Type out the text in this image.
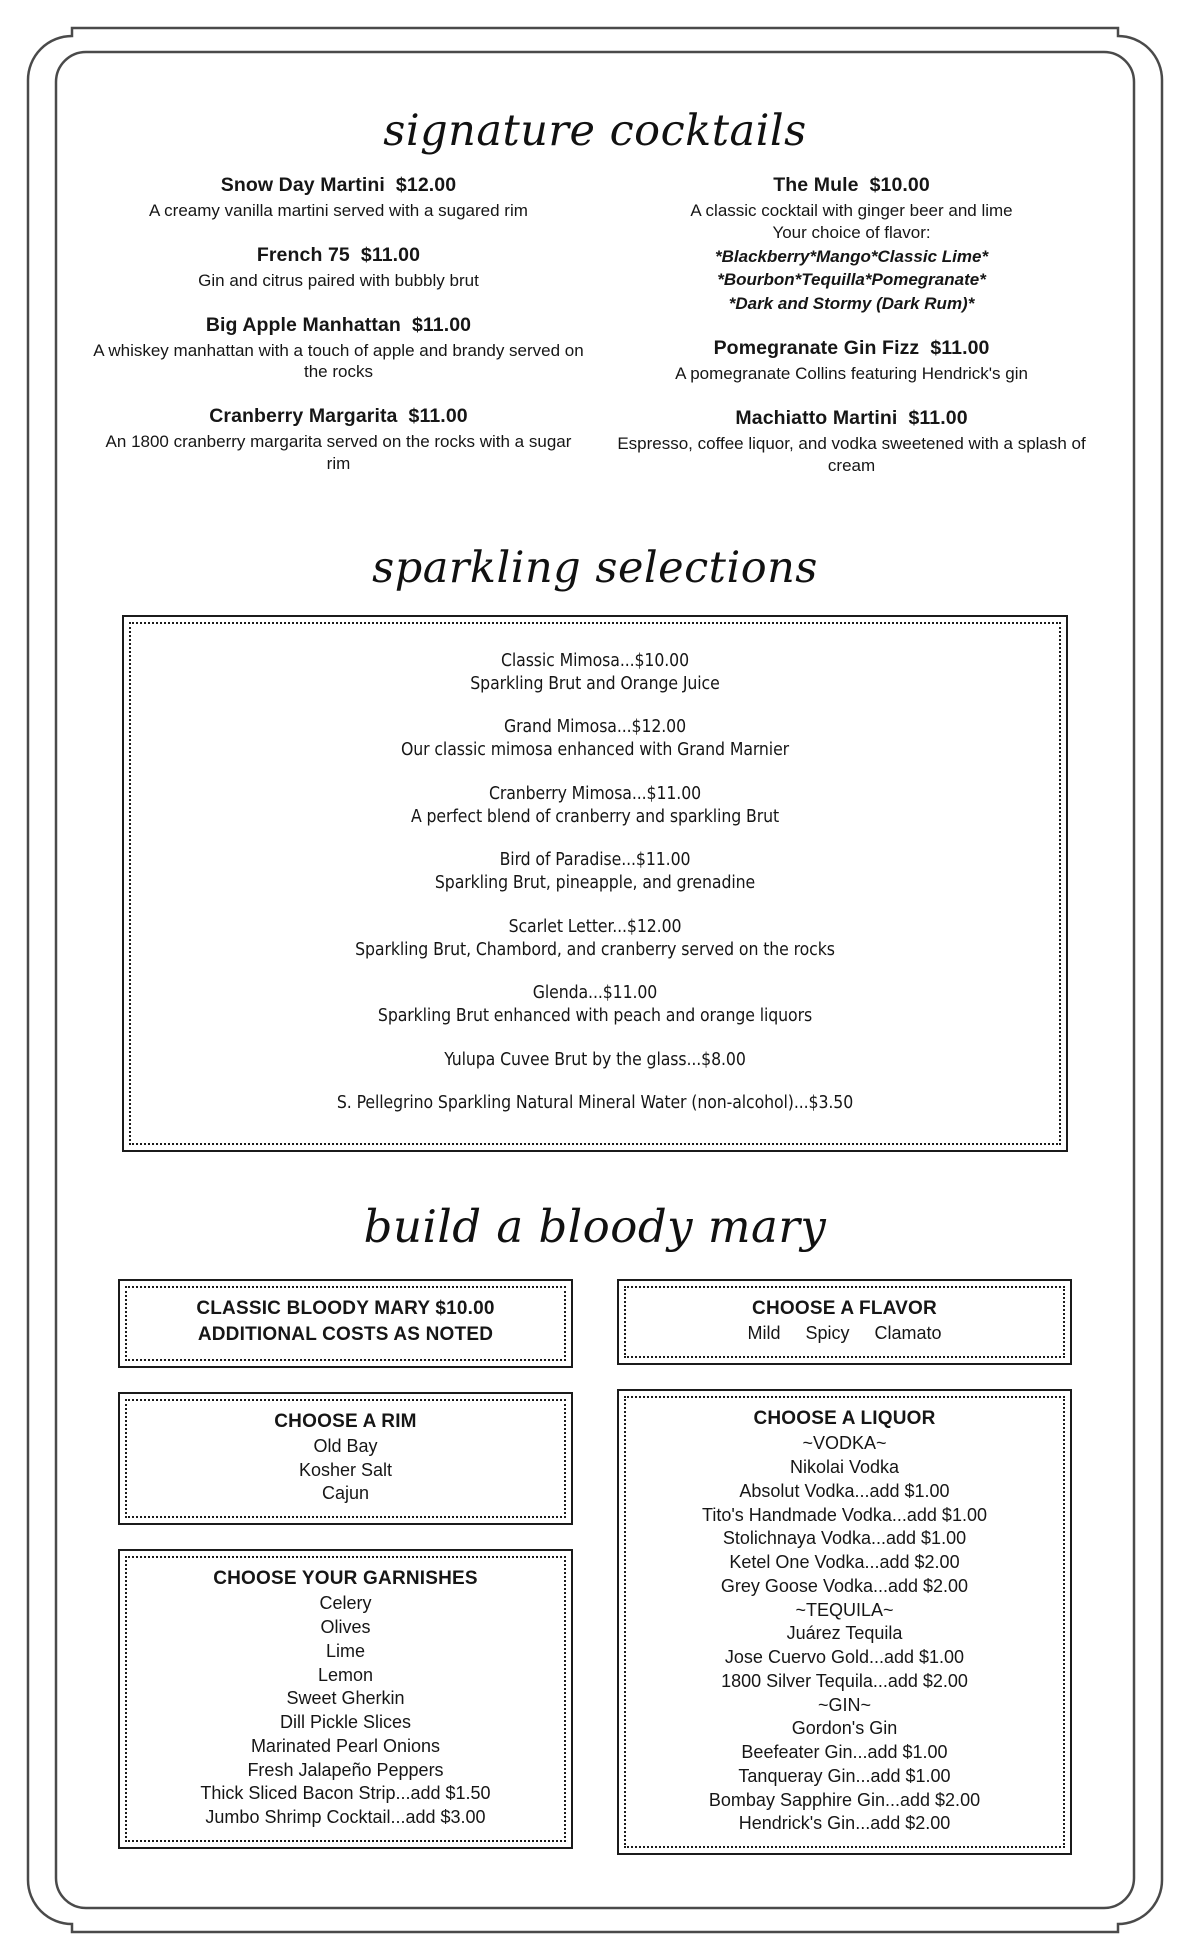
signature cocktails
Snow Day Martini  $12.00
A creamy vanilla martini served with a sugared rim
French 75  $11.00
Gin and citrus paired with bubbly brut
Big Apple Manhattan  $11.00
A whiskey manhattan with a touch of apple and brandy served on the rocks
Cranberry Margarita  $11.00
An 1800 cranberry margarita served on the rocks with a sugar rim
The Mule  $10.00
A classic cocktail with ginger beer and lime
Your choice of flavor:
*Blackberry*Mango*Classic Lime*
*Bourbon*Tequilla*Pomegranate*
*Dark and Stormy (Dark Rum)*
Pomegranate Gin Fizz  $11.00
A pomegranate Collins featuring Hendrick's gin
Machiatto Martini  $11.00
Espresso, coffee liquor, and vodka sweetened with a splash of cream
sparkling selections
Classic Mimosa...$10.00
Sparkling Brut and Orange Juice
Grand Mimosa...$12.00
Our classic mimosa enhanced with Grand Marnier
Cranberry Mimosa...$11.00
A perfect blend of cranberry and sparkling Brut
Bird of Paradise...$11.00
Sparkling Brut, pineapple, and grenadine
Scarlet Letter...$12.00
Sparkling Brut, Chambord, and cranberry served on the rocks
Glenda...$11.00
Sparkling Brut enhanced with peach and orange liquors
Yulupa Cuvee Brut by the glass...$8.00
S. Pellegrino Sparkling Natural Mineral Water (non-alcohol)...$3.50
build a bloody mary
CLASSIC BLOODY MARY $10.00
ADDITIONAL COSTS AS NOTED
CHOOSE A RIM
Old Bay
Kosher Salt
Cajun
CHOOSE YOUR GARNISHES
Celery
Olives
Lime
Lemon
Sweet Gherkin
Dill Pickle Slices
Marinated Pearl Onions
Fresh Jalapeño Peppers
Thick Sliced Bacon Strip...add $1.50
Jumbo Shrimp Cocktail...add $3.00
CHOOSE A FLAVOR
Mild Spicy Clamato
CHOOSE A LIQUOR
~VODKA~
Nikolai Vodka
Absolut Vodka...add $1.00
Tito's Handmade Vodka...add $1.00
Stolichnaya Vodka...add $1.00
Ketel One Vodka...add $2.00
Grey Goose Vodka...add $2.00
~TEQUILA~
Juárez Tequila
Jose Cuervo Gold...add $1.00
1800 Silver Tequila...add $2.00
~GIN~
Gordon's Gin
Beefeater Gin...add $1.00
Tanqueray Gin...add $1.00
Bombay Sapphire Gin...add $2.00
Hendrick's Gin...add $2.00
